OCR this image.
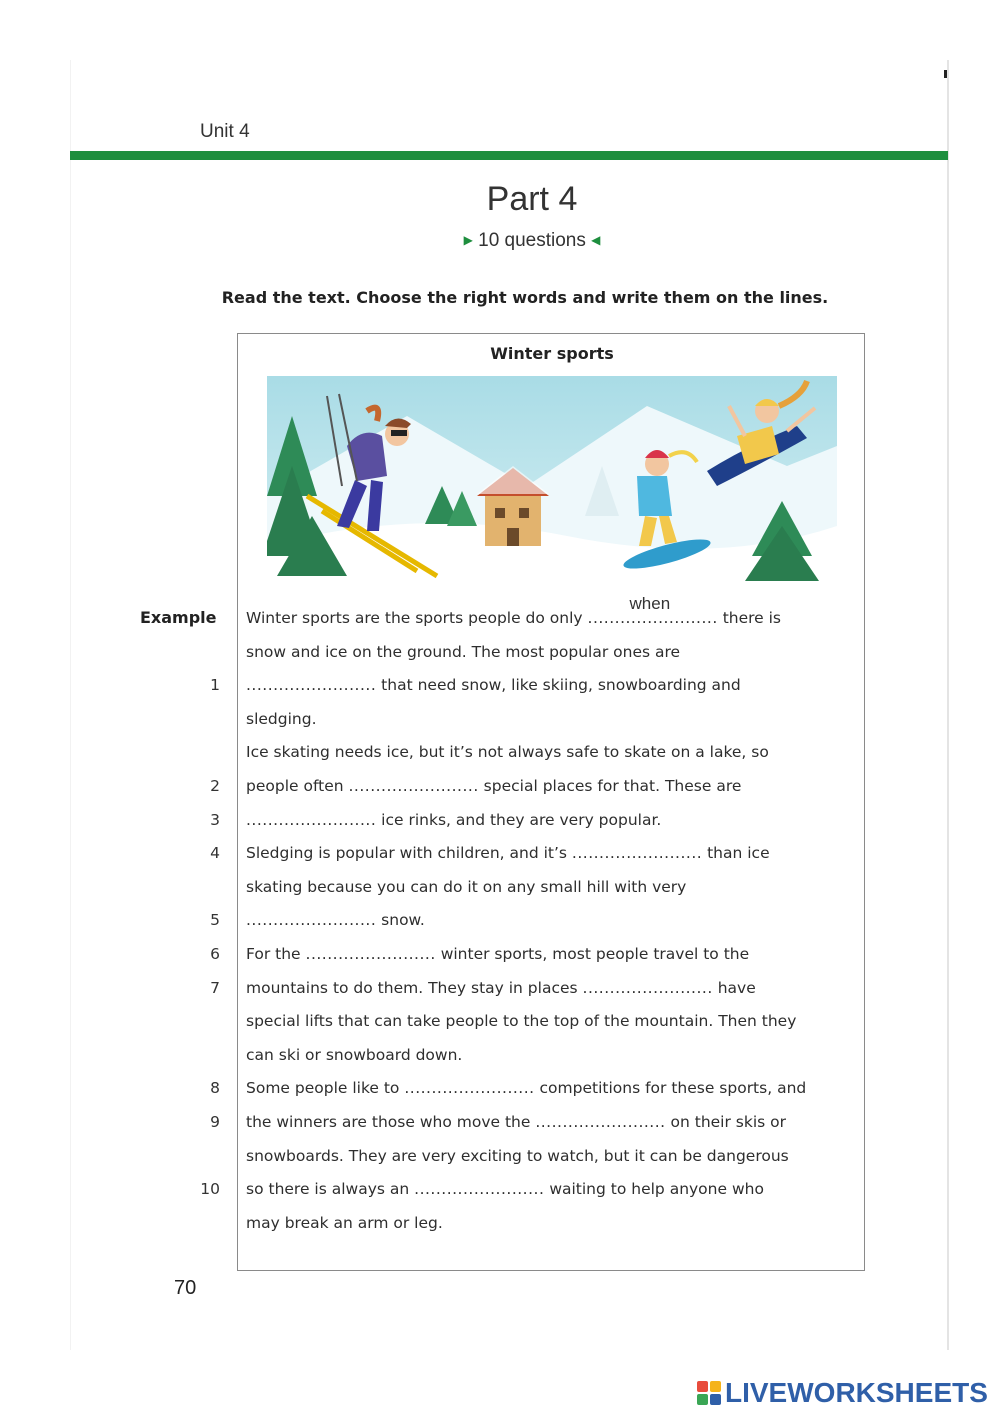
Unit 4
Part 4
▶ 10 questions ◀
Read the text. Choose the right words and write them on the lines.
Winter sports
Example Winter sports are the sports people do only ........................
when
there is
snow and ice on the ground. The most popular ones are
1 ........................ that need snow, like skiing, snowboarding and
sledging.
Ice skating needs ice, but it’s not always safe to skate on a lake, so
2 people often ........................ special places for that. These are
3 ........................ ice rinks, and they are very popular.
4 Sledging is popular with children, and it’s ........................ than ice
skating because you can do it on any small hill with very
5 ........................ snow.
6 For the ........................ winter sports, most people travel to the
7 mountains to do them. They stay in places ........................ have
special lifts that can take people to the top of the mountain. Then they
can ski or snowboard down.
8 Some people like to ........................ competitions for these sports, and
9 the winners are those who move the ........................ on their skis or
snowboards. They are very exciting to watch, but it can be dangerous
10 so there is always an ........................ waiting to help anyone who
may break an arm or leg.
70
LIVEWORKSHEETS
